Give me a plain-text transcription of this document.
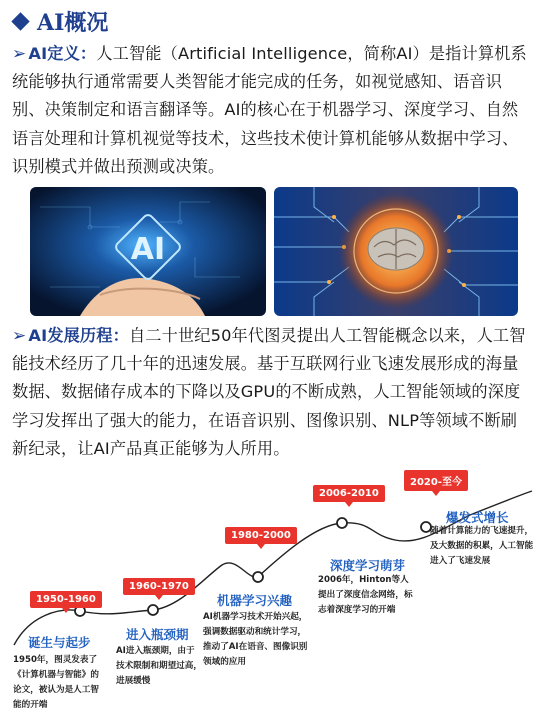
AI概况
➢ AI定义：人工智能（Artificial Intelligence，简称AI）是指计算机系统能够执行通常需要人类智能才能完成的任务，如视觉感知、语音识别、决策制定和语言翻译等。AI的核心在于机器学习、深度学习、自然语言处理和计算机视觉等技术，这些技术使计算机能够从数据中学习、识别模式并做出预测或决策。
AI
➢ AI发展历程：自二十世纪50年代图灵提出人工智能概念以来，人工智能技术经历了几十年的迅速发展。基于互联网行业飞速发展形成的海量数据、数据储存成本的下降以及GPU的不断成熟，人工智能领域的深度学习发挥出了强大的能力，在语音识别、图像识别、NLP等领域不断刷新纪录，让AI产品真正能够为人所用。
1950-1960
1960-1970
1980-2000
2006-2010
2020-至今
诞生与起步
1950年，图灵发表了《计算机器与智能》的论文，被认为是人工智能的开端
进入瓶颈期
AI进入瓶颈期，由于技术限制和期望过高，进展缓慢
机器学习兴趣
AI机器学习技术开始兴起，强调数据驱动和统计学习，推动了AI在语音、图像识别领域的应用
深度学习萌芽
2006年，Hinton等人提出了深度信念网络，标志着深度学习的开端
爆发式增长
随着计算能力的飞速提升，及大数据的积累，人工智能进入了飞速发展
